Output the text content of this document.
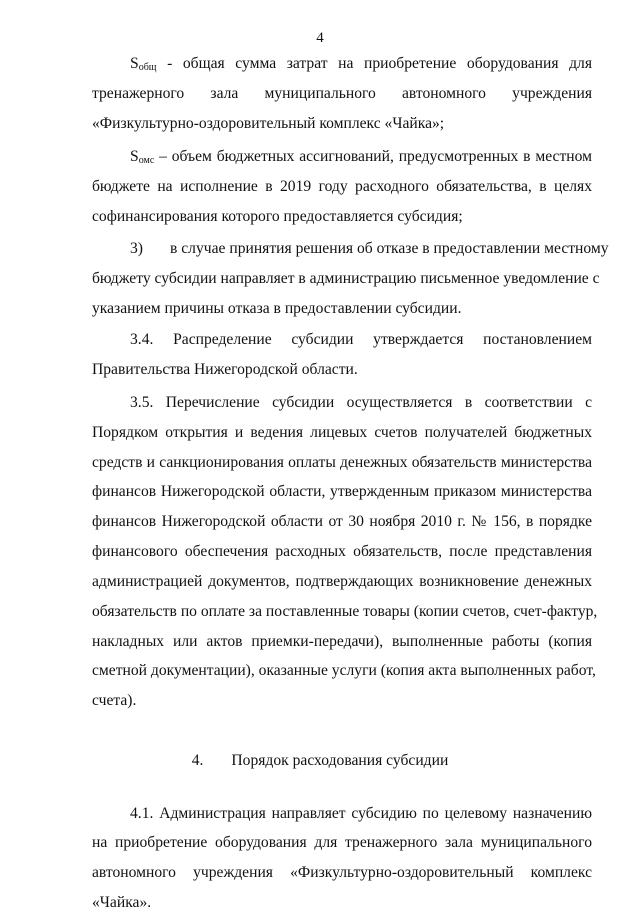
4
$S_{общ}$ - общая сумма затрат на приобретение оборудования для
тренажерного зала муниципального автономного учреждения
«Физкультурно-оздоровительный комплекс «Чайка»;
$S_{омс}$ – объем бюджетных ассигнований, предусмотренных в местном
бюджете на исполнение в 2019 году расходного обязательства, в целях
софинансирования которого предоставляется субсидия;
3) в случае принятия решения об отказе в предоставлении местному
бюджету субсидии направляет в администрацию письменное уведомление с
указанием причины отказа в предоставлении субсидии.
3.4. Распределение субсидии утверждается постановлением
Правительства Нижегородской области.
3.5. Перечисление субсидии осуществляется в соответствии с
Порядком открытия и ведения лицевых счетов получателей бюджетных
средств и санкционирования оплаты денежных обязательств министерства
финансов Нижегородской области, утвержденным приказом министерства
финансов Нижегородской области от 30 ноября 2010 г. № 156, в порядке
финансового обеспечения расходных обязательств, после представления
администрацией документов, подтверждающих возникновение денежных
обязательств по оплате за поставленные товары (копии счетов, счет-фактур,
накладных или актов приемки-передачи), выполненные работы (копия
сметной документации), оказанные услуги (копия акта выполненных работ,
счета).
4. Порядок расходования субсидии
4.1. Администрация направляет субсидию по целевому назначению
на приобретение оборудования для тренажерного зала муниципального
автономного учреждения «Физкультурно-оздоровительный комплекс
«Чайка».
